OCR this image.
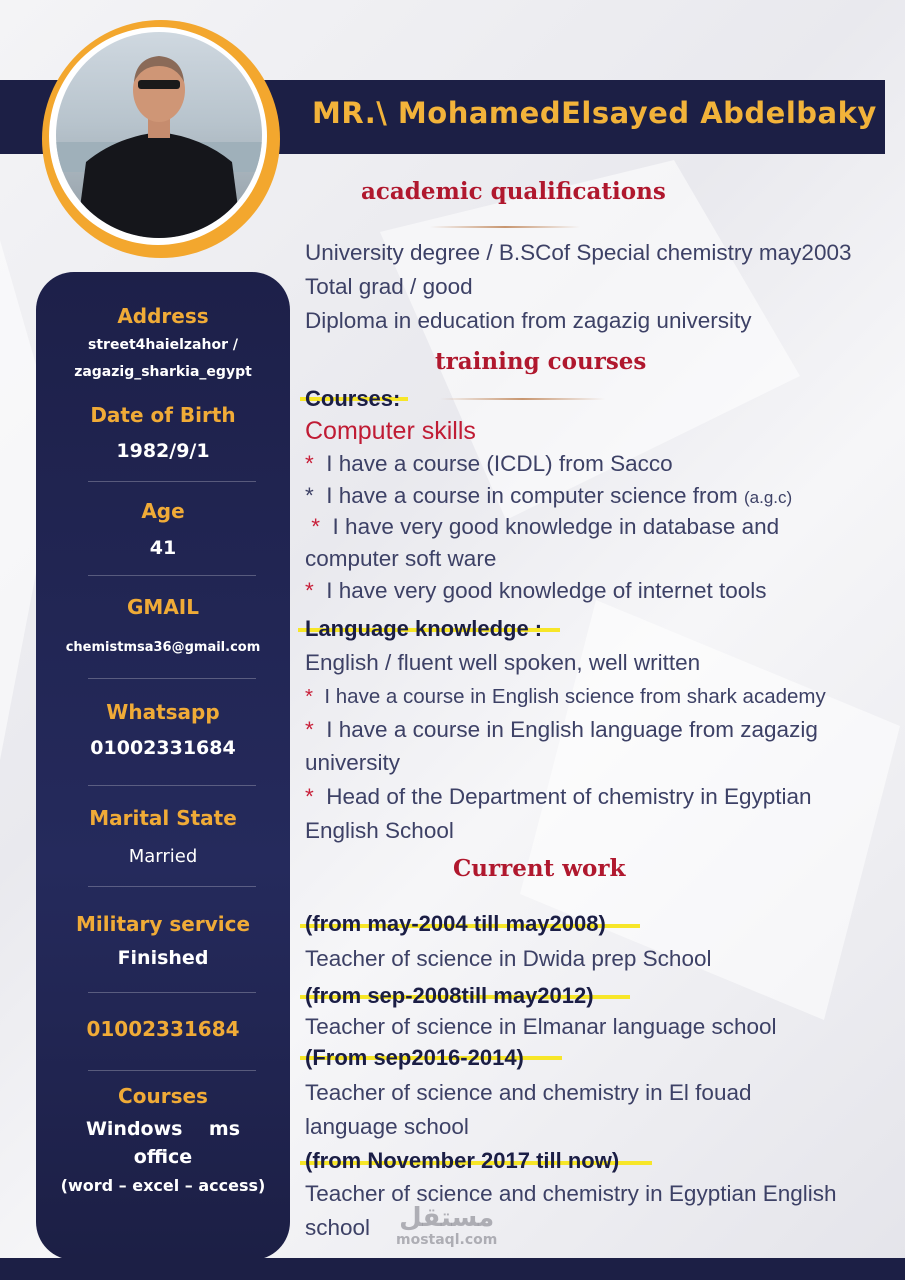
MR.\ MohamedElsayed Abdelbaky
Address
street4haielzahor /
zagazig_sharkia_egypt
Date of Birth
1982/9/1
Age
41
GMAIL
chemistmsa36@gmail.com
Whatsapp
01002331684
Marital State
Married
Military service
Finished
01002331684
Courses
Windows    ms
office
(word – excel – access)
academic qualifications
University degree / B.SCof Special chemistry may2003
Total grad / good
Diploma in education from zagazig university
training courses
Courses:
Computer skills
* I have a course (ICDL) from Sacco
* I have a course in computer science from (a.g.c)
* I have very good knowledge in database and
computer soft ware
* I have very good knowledge of internet tools
Language knowledge :
English / fluent well spoken, well written
* I have a course in English science from shark academy
* I have a course in English language from zagazig
university
* Head of the Department of chemistry in Egyptian
English School
Current work
(from may-2004 till may2008)
Teacher of science in Dwida prep School
(from sep-2008till may2012)
Teacher of science in Elmanar language school
(From sep2016-2014)
Teacher of science and chemistry in El fouad
language school
(from November 2017 till now)
Teacher of science and chemistry in Egyptian English
school مستقل
mostaql.com
